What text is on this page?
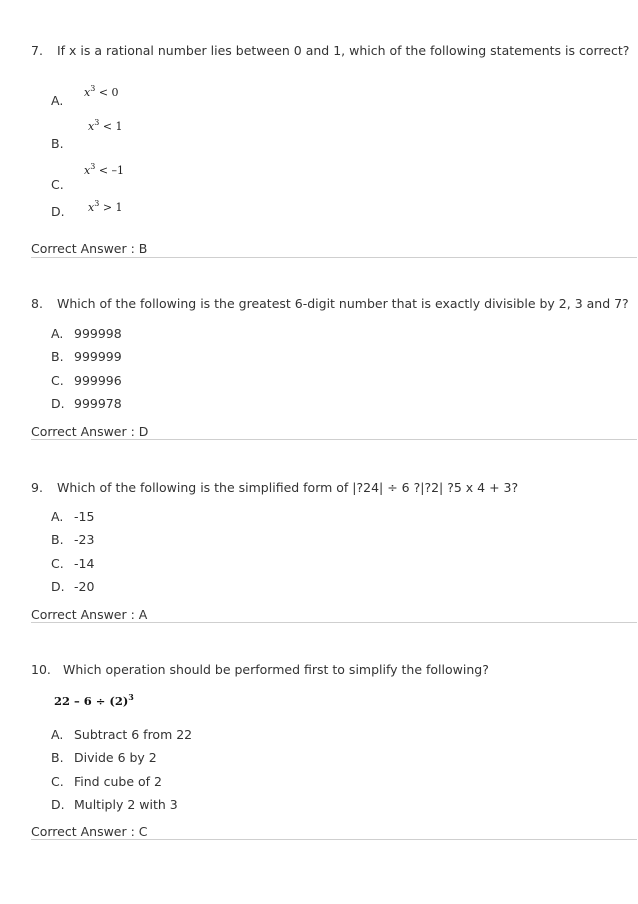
7. If x is a rational number lies between 0 and 1, which of the following statements is correct?
A.
$x^3 < 0$
B.
$x^3 < 1$
C.
$x^3 < -1$
D. $x^3 > 1$
Correct Answer : B
8. Which of the following is the greatest 6-digit number that is exactly divisible by 2, 3 and 7?
A. 999998
B. 999999
C. 999996
D. 999978
Correct Answer : D
9. Which of the following is the simplified form of |?24| ÷ 6 ?|?2| ?5 x 4 + 3?
A. -15
B. -23
C. -14
D. -20
Correct Answer : A
10. Which operation should be performed first to simplify the following?
$22 - 6 \div (2)^3$
A. Subtract 6 from 22
B. Divide 6 by 2
C. Find cube of 2
D. Multiply 2 with 3
Correct Answer : C
